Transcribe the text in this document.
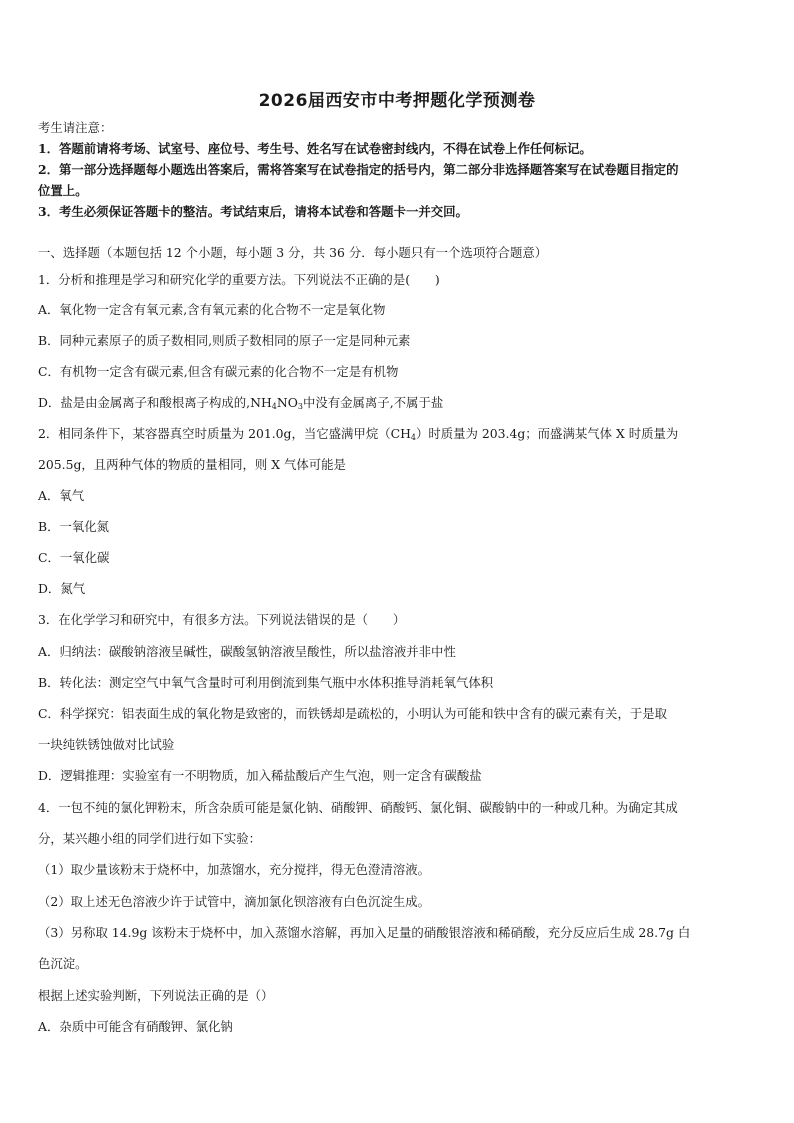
2026届西安市中考押题化学预测卷
考生请注意：
1．答题前请将考场、试室号、座位号、考生号、姓名写在试卷密封线内，不得在试卷上作任何标记。
2．第一部分选择题每小题选出答案后，需将答案写在试卷指定的括号内，第二部分非选择题答案写在试卷题目指定的
位置上。
3．考生必须保证答题卡的整洁。考试结束后，请将本试卷和答题卡一并交回。
一、选择题（本题包括 12 个小题，每小题 3 分，共 36 分．每小题只有一个选项符合题意）
1．分析和推理是学习和研究化学的重要方法。下列说法不正确的是(　　)
A．氧化物一定含有氧元素,含有氧元素的化合物不一定是氧化物
B．同种元素原子的质子数相同,则质子数相同的原子一定是同种元素
C．有机物一定含有碳元素,但含有碳元素的化合物不一定是有机物
D．盐是由金属离子和酸根离子构成的$,NH_4NO_3$中没有金属离子,不属于盐
2．相同条件下，某容器真空时质量为 201.0g，当它盛满甲烷$(CH_4)$时质量为 203.4g；而盛满某气体 X 时质量为
205.5g，且两种气体的物质的量相同，则 X 气体可能是
A．氧气
B．一氧化氮
C．一氧化碳
D．氮气
3．在化学学习和研究中，有很多方法。下列说法错误的是（　　）
A．归纳法：碳酸钠溶液呈碱性，碳酸氢钠溶液呈酸性，所以盐溶液并非中性
B．转化法：测定空气中氧气含量时可利用倒流到集气瓶中水体积推导消耗氧气体积
C．科学探究：铝表面生成的氧化物是致密的，而铁锈却是疏松的，小明认为可能和铁中含有的碳元素有关，于是取
一块纯铁锈蚀做对比试验
D．逻辑推理：实验室有一不明物质，加入稀盐酸后产生气泡，则一定含有碳酸盐
4．一包不纯的氯化钾粉末，所含杂质可能是氯化钠、硝酸钾、硝酸钙、氯化铜、碳酸钠中的一种或几种。为确定其成
分，某兴趣小组的同学们进行如下实验：
（1）取少量该粉末于烧杯中，加蒸馏水，充分搅拌，得无色澄清溶液。
（2）取上述无色溶液少许于试管中，滴加氯化钡溶液有白色沉淀生成。
（3）另称取 14.9g 该粉末于烧杯中，加入蒸馏水溶解，再加入足量的硝酸银溶液和稀硝酸，充分反应后生成 28.7g 白
色沉淀。
根据上述实验判断，下列说法正确的是（）
A．杂质中可能含有硝酸钾、氯化钠
